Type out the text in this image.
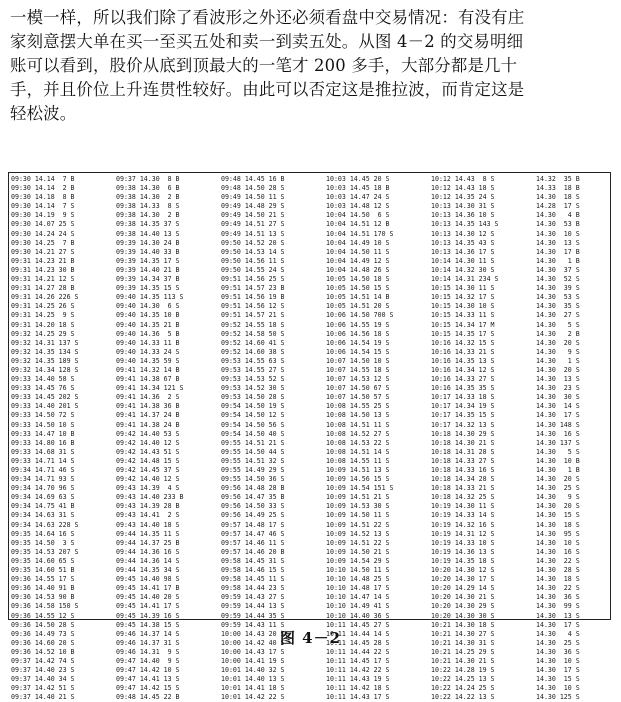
一模一样，所以我们除了看波形之外还必须看盘中交易情况：有没有庄
家刻意摆大单在买一至买五处和卖一到卖五处。从图 4－2 的交易明细
账可以看到，股价从底到顶最大的一笔才 200 多手，大部分都是几十
手，并且价位上升连贯性较好。由此可以否定这是推拉波，而肯定这是
轻松波。
09:30 14.14  7 B	09:37 14.30  8 B	09:48 14.45 16 B	10:03 14.45 20 S	10:12 14.43  8 S	14.32  35 B
09:30 14.14  2 B	09:38 14.30  6 B	09:48 14.50 28 S	10:03 14.45 18 B	10:12 14.43 18 S	14.33  18 B
09:30 14.18  8 B	09:38 14.30  2 B	09:49 14.50 11 S	10:03 14.47 24 S	10:12 14.35 24 S	14.30  18 S
09:30 14.14  7 S	09:38 14.33  8 S	09:49 14.48 29 S	10:03 14.48 12 S	10:13 14.30 31 S	14.28  17 S
09:30 14.19  9 S	09:38 14.30  2 B	09:49 14.50 21 S	10:04 14.50  6 S	10:13 14.36 10 S	14.30   4 B
09:30 14.07 25 S	09:38 14.35 37 S	09:49 14.51 27 S	10:04 14.51 12 B	10:13 14.35 143 S	14.30  53 B
09:30 14.24 24 S	09:38 14.40 13 S	09:49 14.51 13 S	10:04 14.51 170 S	10:13 14.30 12 S	14.30  10 S
09:30 14.25  7 B	09:39 14.30 24 B	09:50 14.52 20 S	10:04 14.49 10 S	10:13 14.35 43 S	14.30  13 S
09:30 14.21 27 S	09:39 14.40 33 B	09:50 14.53 14 S	10:04 14.50 11 S	10:13 14.36 17 S	14.30  17 B
09:31 14.23 21 B	09:39 14.35 17 S	09:50 14.56 11 S	10:04 14.49 12 S	10:14 14.30 11 S	14.30   1 B
09:31 14.23 30 B	09:39 14.40 21 B	09:50 14.55 24 S	10:04 14.48 26 S	10:14 14.32 30 S	14.30  37 S
09:31 14.21 12 S	09:39 14.34 37 B	09:51 14.56 25 S	10:05 14.50 18 S	10:14 14.31 234 S	14.30  52 S
09:31 14.27 28 B	09:39 14.35 15 S	09:51 14.57 23 B	10:05 14.50 15 S	10:15 14.30 11 S	14.30  39 S
09:31 14.26 226 S	09:40 14.35 113 S	09:51 14.56 19 B	10:05 14.51 14 B	10:15 14.32 17 S	14.30  53 S
09:31 14.25 26 S	09:40 14.30  6 S	09:51 14.56 12 S	10:05 14.51 20 S	10:15 14.30 10 S	14.30  35 S
09:31 14.25  9 S	09:40 14.35 10 B	09:51 14.57 21 S	10:06 14.50 700 S	10:15 14.33 11 S	14.30  27 S
09:31 14.20 18 S	09:40 14.35 21 B	09:52 14.55 18 S	10:06 14.55 19 S	10:15 14.34 17 M	14.30   5 S
09:32 14.25 29 S	09:40 14.36  5 B	09:52 14.58 50 S	10:06 14.56 18 S	10:15 14.35 17 S	14.30   2 B
09:32 14.31 137 S	09:40 14.33 11 B	09:52 14.60 41 S	10:06 14.54 19 S	10:16 14.32 15 S	14.30  20 S
09:32 14.35 134 S	09:40 14.33 24 S	09:52 14.60 38 S	10:06 14.54 15 S	10:16 14.33 21 S	14.30   9 S
09:32 14.35 189 S	09:40 14.35 59 S	09:53 14.55 63 S	10:07 14.50 10 S	10:16 14.35 13 S	14.30   1 S
09:32 14.34 128 S	09:41 14.32 14 B	09:53 14.55 27 S	10:07 14.55 18 S	10:16 14.34 12 S	14.30  20 S
09:33 14.40 58 S	09:41 14.38 67 B	09:53 14.53 52 S	10:07 14.53 12 S	10:16 14.33 27 S	14.30  13 S
09:33 14.45 76 S	09:41 14.34 121 S	09:53 14.52 30 S	10:07 14.50 67 S	10:16 14.35 35 S	14.30  23 S
09:33 14.45 202 S	09:41 14.36  2 S	09:53 14.50 28 S	10:07 14.50 57 S	10:17 14.33 18 S	14.30  30 S
09:33 14.40 201 S	09:41 14.38 36 B	09:54 14.50 19 S	10:08 14.55 25 S	10:17 14.34 19 S	14.30  14 S
09:33 14.50 72 S	09:41 14.37 24 B	09:54 14.50 12 S	10:08 14.50 13 S	10:17 14.35 15 S	14.30  17 S
09:33 14.50 10 S	09:41 14.38 24 B	09:54 14.50 56 S	10:08 14.51 11 S	10:17 14.32 13 S	14.30 148 S
09:33 14.47 10 B	09:42 14.40 53 S	09:54 14.50 40 S	10:08 14.52 27 S	10:18 14.30 29 S	14.30  16 S
09:33 14.80 16 B	09:42 14.40 12 S	09:55 14.51 21 S	10:08 14.53 22 S	10:18 14.30 21 S	14.30 137 S
09:33 14.68 31 S	09:42 14.43 51 S	09:55 14.50 44 S	10:08 14.51 14 S	10:18 14.31 28 S	14.30   5 S
09:33 14.71 14 S	09:42 14.48 15 S	09:55 14.51 32 S	10:08 14.55 11 S	10:18 14.33 27 S	14.30  10 B
09:34 14.71 46 S	09:42 14.45 37 S	09:55 14.49 29 S	10:09 14.51 13 S	10:18 14.33 16 S	14.30   1 B
09:34 14.71 93 S	09:42 14.40 12 S	09:55 14.50 36 S	10:09 14.56 15 S	10:18 14.34 28 S	14.30  20 S
09:34 14.70 96 S	09:43 14.39  4 S	09:56 14.48 28 B	10:09 14.54 151 S	10:18 14.33 21 S	14.30  25 S
09:34 14.69 63 S	09:43 14.40 233 B	09:56 14.47 35 B	10:09 14.51 21 S	10:18 14.32 25 S	14.30   9 S
09:34 14.75 41 B	09:43 14.39 28 B	09:56 14.50 33 S	10:09 14.53 30 S	10:19 14.30 11 S	14.30  20 S
09:34 14.63 31 S	09:43 14.41  2 S	09:56 14.49 25 S	10:09 14.50 11 S	10:19 14.33 14 S	14.30  15 S
09:34 14.63 228 S	09:43 14.40 18 S	09:57 14.48 17 S	10:09 14.51 22 S	10:19 14.32 16 S	14.30  18 S
09:35 14.64 16 S	09:44 14.35 11 S	09:57 14.47 46 S	10:09 14.52 13 S	10:19 14.31 12 S	14.30  95 S
09:35 14.50  3 S	09:44 14.37 25 B	09:57 14.46 11 S	10:09 14.51 22 S	10:19 14.33 10 S	14.30  10 S
09:35 14.53 207 S	09:44 14.36 16 S	09:57 14.46 20 B	10:09 14.50 21 S	10:19 14.36 13 S	14.30  16 S
09:35 14.60 65 S	09:44 14.36 14 S	09:58 14.45 31 S	10:09 14.54 29 S	10:19 14.35 18 S	14.30  22 S
09:35 14.60 51 B	09:44 14.35 34 S	09:58 14.46 15 S	10:10 14.50 11 S	10:20 14.30 12 S	14.30  28 S
09:36 14.55 17 S	09:45 14.40 98 S	09:58 14.45 11 S	10:10 14.48 25 S	10:20 14.30 17 S	14.30  18 S
09:36 14.40 91 B	09:45 14.41 17 B	09:58 14.44 23 S	10:10 14.48 17 S	10:20 14.29 14 S	14.30  22 S
09:36 14.53 90 B	09:45 14.40 20 S	09:59 14.43 27 S	10:10 14.47 14 S	10:20 14.30 21 S	14.30  36 S
09:36 14.58 150 S	09:45 14.41 17 S	09:59 14.44 13 S	10:10 14.49 41 S	10:20 14.30 29 S	14.30  99 S
09:36 14.55 12 S	09:45 14.39 16 S	09:59 14.44 35 S	10:10 14.40 36 S	10:20 14.30 30 S	14.30  13 S
09:36 14.50 28 S	09:45 14.38 15 S	09:59 14.43 11 S	10:11 14.45 27 S	10:21 14.30 18 S	14.30  17 S
09:36 14.49 73 S	09:46 14.37 14 S	10:00 14.43 20 S	10:11 14.44 14 S	10:21 14.30 27 S	14.30   4 S
09:36 14.60 20 S	09:46 14.37 31 S	10:00 14.42 40 S	10:11 14.45 28 S	10:21 14.30 31 S	14.30  25 S
09:36 14.52 10 B	09:46 14.31  9 S	10:00 14.43 17 S	10:11 14.44 22 S	10:21 14.25 29 S	14.30  36 S
09:37 14.42 74 S	09:47 14.40  9 S	10:00 14.41 19 S	10:11 14.45 17 S	10:21 14.30 21 S	14.30  10 S
09:37 14.40 23 S	09:47 14.42 10 S	10:01 14.40 32 S	10:11 14.42 22 S	10:22 14.28 19 S	14.30  17 S
09:37 14.40 34 S	09:47 14.41 13 S	10:01 14.40 13 S	10:11 14.43 19 S	10:22 14.25 13 S	14.30  15 S
09:37 14.42 51 S	09:47 14.42 15 S	10:01 14.41 18 S	10:11 14.42 18 S	10:22 14.24 25 S	14.30  10 S
09:37 14.40 21 S	09:48 14.45 22 B	10:01 14.42 22 S	10:11 14.43 17 S	10:22 14.22 13 S	14.30 125 S
图 4－2
